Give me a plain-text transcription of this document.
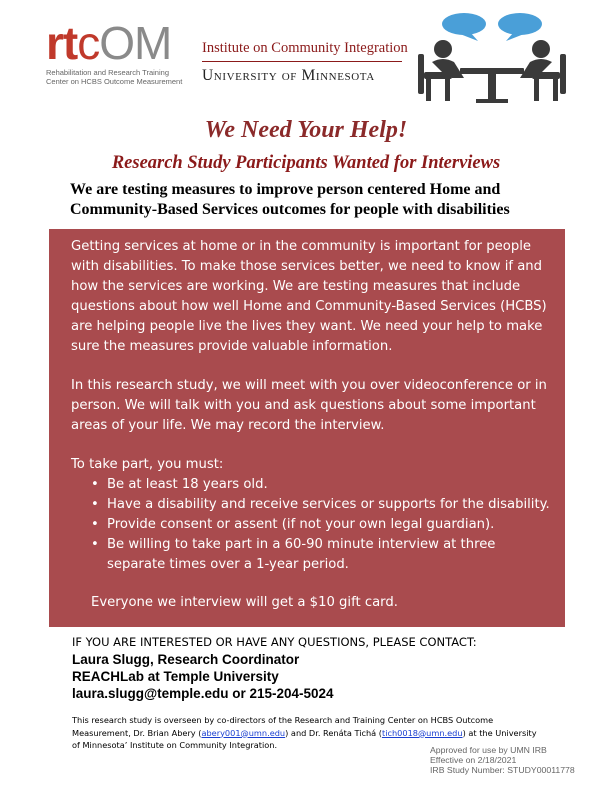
rtcOM
Rehabilitation and Research Training
Center on HCBS Outcome Measurement
Institute on Community Integration
University of Minnesota
We Need Your Help!
Research Study Participants Wanted for Interviews
We are testing measures to improve person centered Home and Community-Based Services outcomes for people with disabilities

Getting services at home or in the community is important for people with disabilities. To make those services better, we need to know if and how the services are working. We are testing measures that include questions about how well Home and Community-Based Services (HCBS) are helping people live the lives they want. We need your help to make sure the measures provide valuable information.

In this research study, we will meet with you over videoconference or in person. We will talk with you and ask questions about some important areas of your life. We may record the interview.

To take part, you must:

• Be at least 18 years old.
• Have a disability and receive services or supports for the disability.
• Provide consent or assent (if not your own legal guardian).
• Be willing to take part in a 60-90 minute interview at three separate times over a 1-year period.

Everyone we interview will get a $10 gift card.

IF YOU ARE INTERESTED OR HAVE ANY QUESTIONS, PLEASE CONTACT:
Laura Slugg, Research Coordinator
REACHLab at Temple University
laura.slugg@temple.edu or 215-204-5024
This research study is overseen by co-directors of the Research and Training Center on HCBS Outcome Measurement, Dr. Brian Abery (abery001@umn.edu) and Dr. Renáta Tichá (tich0018@umn.edu) at the University of Minnesota’ Institute on Community Integration.	Approved for use by UMN IRB
Effective on 2/18/2021
IRB Study Number: STUDY00011778
